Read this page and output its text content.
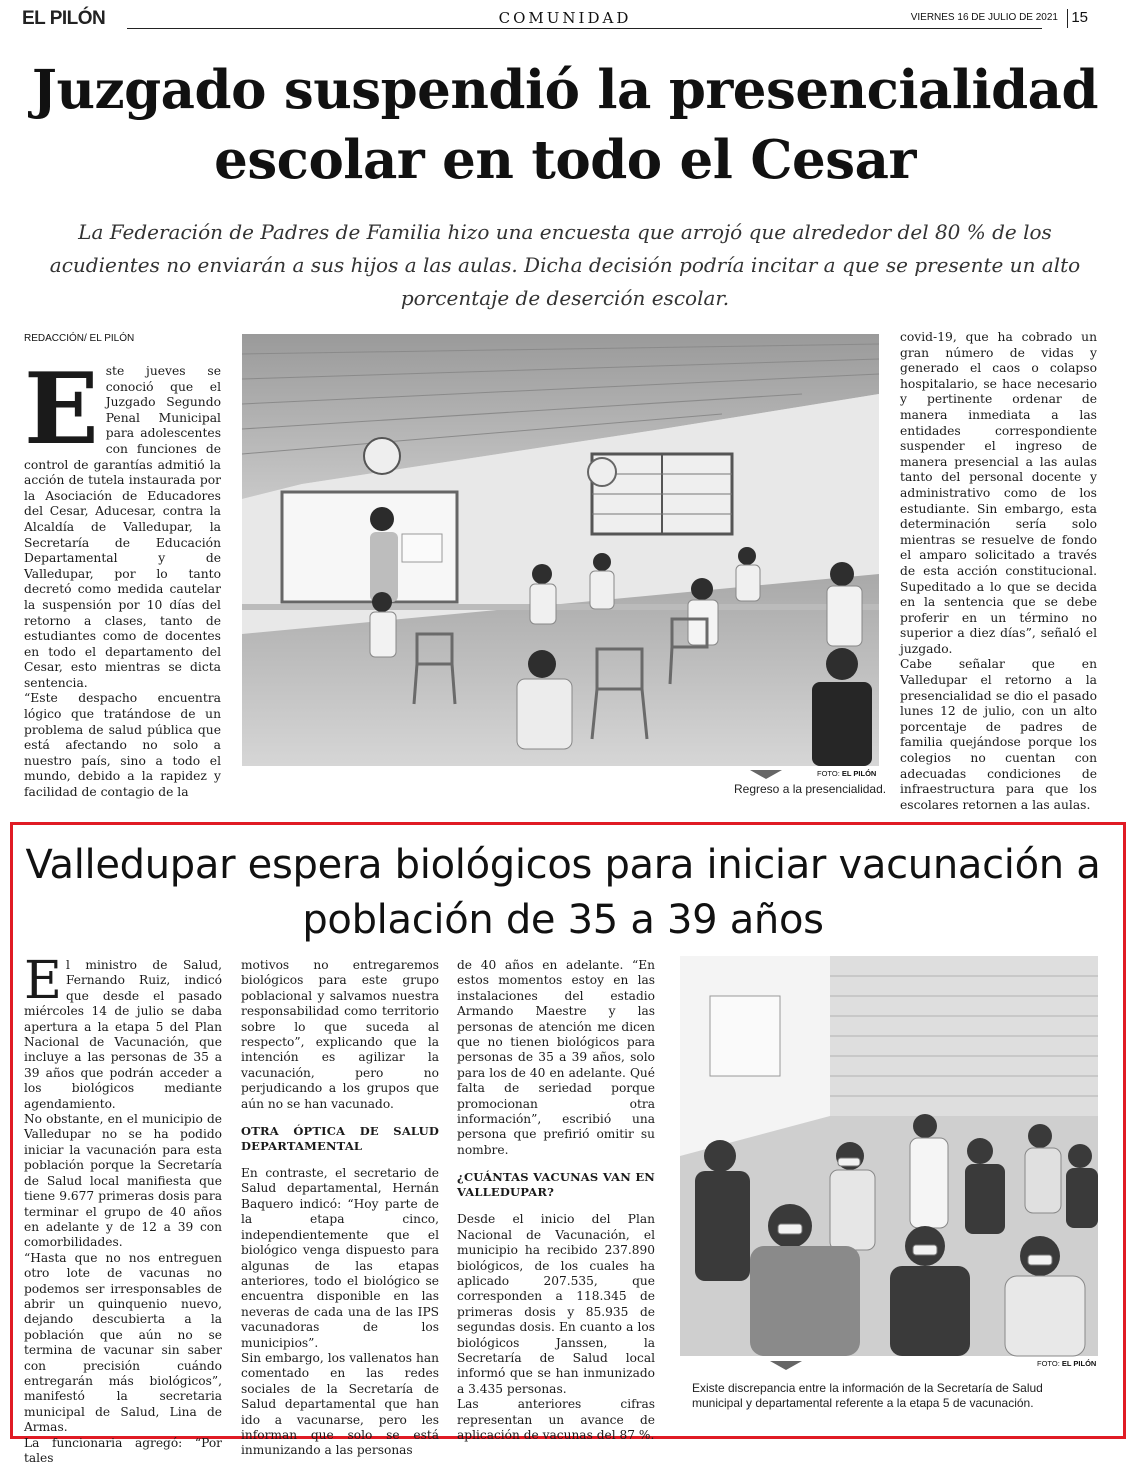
EL PILÓN	COMUNIDAD	VIERNES 16 DE JULIO DE 2021 15
Juzgado suspendió la presencialidad escolar en todo el Cesar

La Federación de Padres de Familia hizo una encuesta que arrojó que alrededor del 80 % de los acudientes no enviarán a sus hijos a las aulas. Dicha decisión podría incitar a que se presente un alto porcentaje de deserción escolar.

REDACCIÓN/ EL PILÓN
E ste jueves se conoció que el Juzgado Segundo Penal Municipal para adolescentes con funciones de control de garantías admitió la acción de tutela instaurada por la Asociación de Educadores del Cesar, Aducesar, contra la Alcaldía de Valledupar, la Secretaría de Educación Departamental y de Valledupar, por lo tanto decretó como medida cautelar la suspensión por 10 días del retorno a clases, tanto de estudiantes como de docentes en todo el departamento del Cesar, esto mientras se dicta sentencia.

“Este despacho encuentra lógico que tratándose de un problema de salud pública que está afectando no solo a nuestro país, sino a todo el mundo, debido a la rapidez y facilidad de contagio de la

FOTO: EL PILÓN
Regreso a la presencialidad.

covid-19, que ha cobrado un gran número de vidas y generado el caos o colapso hospitalario, se hace necesario y pertinente ordenar de manera inmediata a las entidades correspondiente suspender el ingreso de manera presencial a las aulas tanto del personal docente y administrativo como de los estudiante. Sin embargo, esta determinación sería solo mientras se resuelve de fondo el amparo solicitado a través de esta acción constitucional. Supeditado a lo que se decida en la sentencia que se debe proferir en un término no superior a diez días”, señaló el juzgado.

Cabe señalar que en Valledupar el retorno a la presencialidad se dio el pasado lunes 12 de julio, con un alto porcentaje de padres de familia quejándose porque los colegios no cuentan con adecuadas condiciones de infraestructura para que los escolares retornen a las aulas.

Valledupar espera biológicos para iniciar vacunación a población de 35 a 39 años
E l ministro de Salud, Fernando Ruiz, indicó que desde el pasado miércoles 14 de julio se daba apertura a la etapa 5 del Plan Nacional de Vacunación, que incluye a las personas de 35 a 39 años que podrán acceder a los biológicos mediante agendamiento.

No obstante, en el municipio de Valledupar no se ha podido iniciar la vacunación para esta población porque la Secretaría de Salud local manifiesta que tiene 9.677 primeras dosis para terminar el grupo de 40 años en adelante y de 12 a 39 con comorbilidades.

“Hasta que no nos entreguen otro lote de vacunas no podemos ser irresponsables de abrir un quinquenio nuevo, dejando descubierta a la población que aún no se termina de vacunar sin saber con precisión cuándo entregarán más biológicos”, manifestó la secretaria municipal de Salud, Lina de Armas.

La funcionaria agregó: “Por tales

motivos no entregaremos biológicos para este grupo poblacional y salvamos nuestra responsabilidad como territorio sobre lo que suceda al respecto”, explicando que la intención es agilizar la vacunación, pero no perjudicando a los grupos que aún no se han vacunado.

OTRA ÓPTICA DE SALUD DEPARTAMENTAL

En contraste, el secretario de Salud departamental, Hernán Baquero indicó: “Hoy parte de la etapa cinco, independientemente que el biológico venga dispuesto para algunas de las etapas anteriores, todo el biológico se encuentra disponible en las neveras de cada una de las IPS vacunadoras de los municipios”.

Sin embargo, los vallenatos han comentado en las redes sociales de la Secretaría de Salud departamental que han ido a vacunarse, pero les informan que solo se está inmunizando a las personas

de 40 años en adelante. “En estos momentos estoy en las instalaciones del estadio Armando Maestre y las personas de atención me dicen que no tienen biológicos para personas de 35 a 39 años, solo para los de 40 en adelante. Qué falta de seriedad porque promocionan otra información”, escribió una persona que prefirió omitir su nombre.

¿CUÁNTAS VACUNAS VAN EN VALLEDUPAR?

Desde el inicio del Plan Nacional de Vacunación, el municipio ha recibido 237.890 biológicos, de los cuales ha aplicado 207.535, que corresponden a 118.345 de primeras dosis y 85.935 de segundas dosis. En cuanto a los biológicos Janssen, la Secretaría de Salud local informó que se han inmunizado a 3.435 personas.

Las anteriores cifras representan un avance de aplicación de vacunas del 87 %.

FOTO: EL PILÓN
Existe discrepancia entre la información de la Secretaría de Salud municipal y departamental referente a la etapa 5 de vacunación.
